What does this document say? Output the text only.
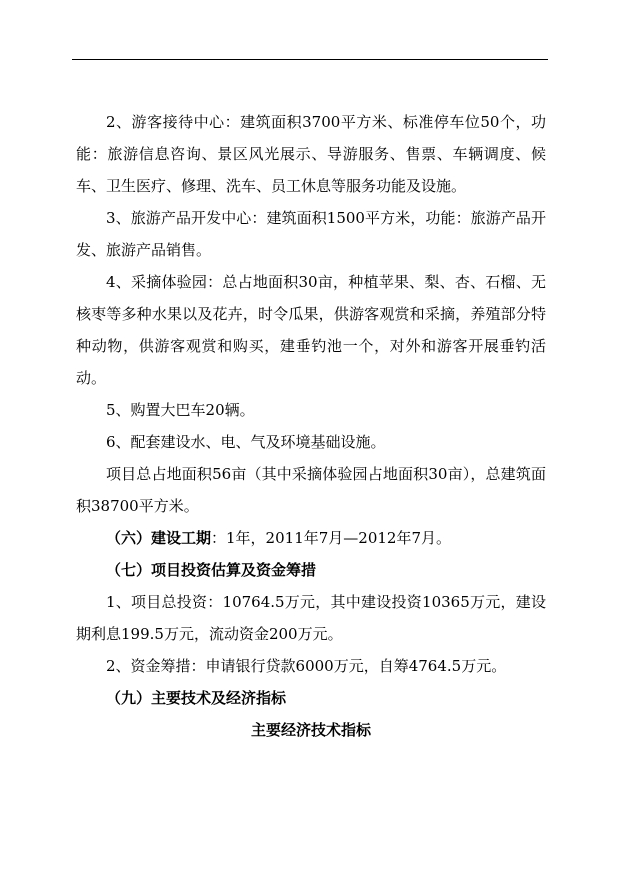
2、游客接待中心：建筑面积3700平方米、标准停车位50个，功能：旅游信息咨询、景区风光展示、导游服务、售票、车辆调度、候车、卫生医疗、修理、洗车、员工休息等服务功能及设施。

3、旅游产品开发中心：建筑面积1500平方米，功能：旅游产品开发、旅游产品销售。

4、采摘体验园：总占地面积30亩，种植苹果、梨、杏、石榴、无核枣等多种水果以及花卉，时令瓜果，供游客观赏和采摘，养殖部分特种动物，供游客观赏和购买，建垂钓池一个，对外和游客开展垂钓活动。

5、购置大巴车20辆。

6、配套建设水、电、气及环境基础设施。

项目总占地面积56亩（其中采摘体验园占地面积30亩），总建筑面积38700平方米。

（六）建设工期：1年，2011年7月—2012年7月。

（七）项目投资估算及资金筹措

1、项目总投资：10764.5万元，其中建设投资10365万元，建设期利息199.5万元，流动资金200万元。

2、资金筹措：申请银行贷款6000万元，自筹4764.5万元。

（九）主要技术及经济指标

主要经济技术指标
